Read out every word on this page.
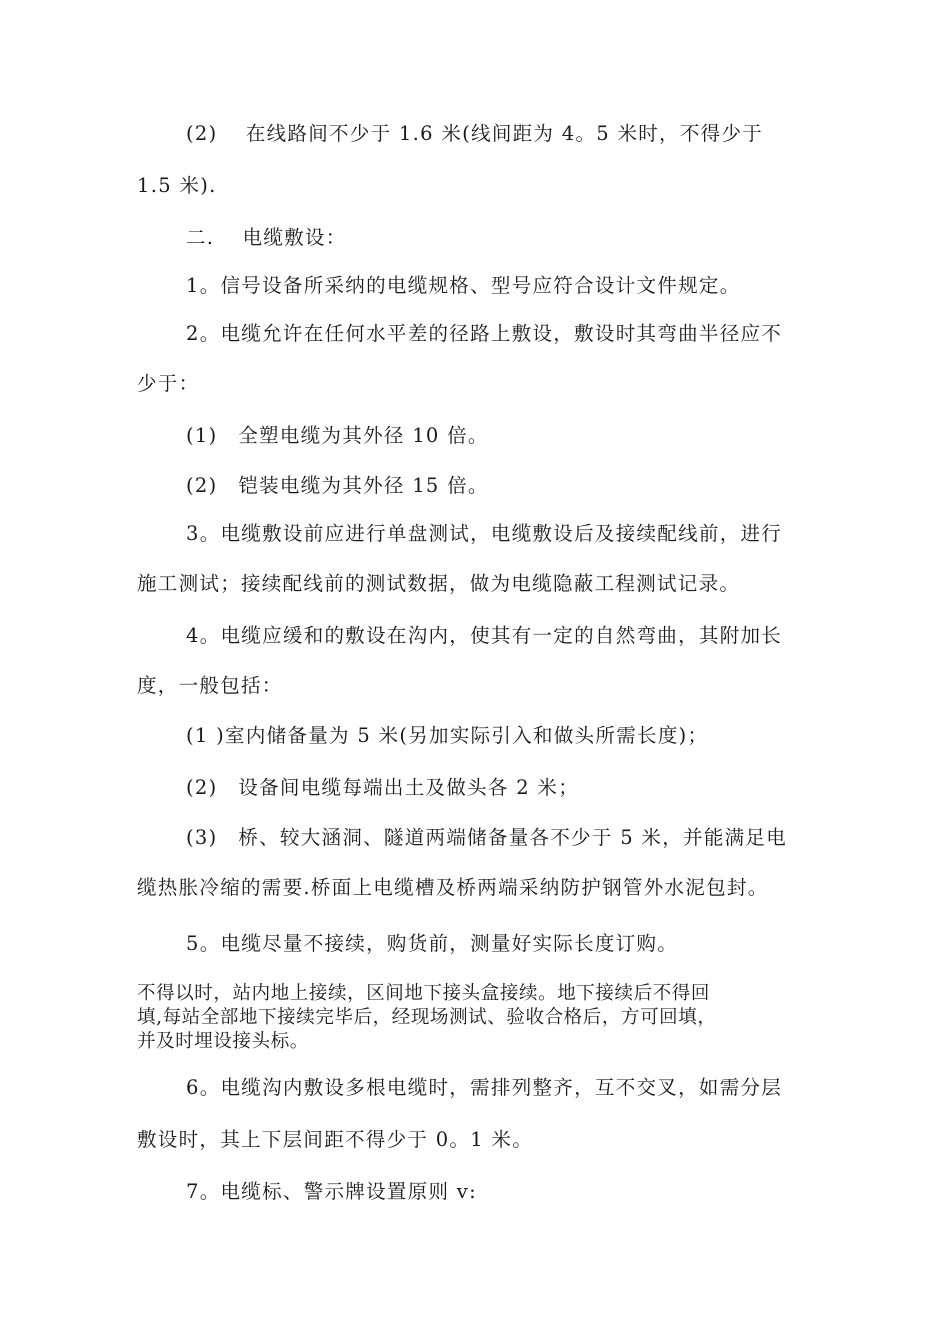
(2)　 在线路间不少于 1.6 米(线间距为 4。5 米时，不得少于
1.5 米).
二.　 电缆敷设：
1。信号设备所采纳的电缆规格、型号应符合设计文件规定。
2。电缆允许在任何水平差的径路上敷设，敷设时其弯曲半径应不
少于：
(1)　全塑电缆为其外径 10 倍。
(2)　铠装电缆为其外径 15 倍。
3。电缆敷设前应进行单盘测试，电缆敷设后及接续配线前，进行
施工测试；接续配线前的测试数据，做为电缆隐蔽工程测试记录。
4。电缆应缓和的敷设在沟内，使其有一定的自然弯曲，其附加长
度，一般包括：
(1 )室内储备量为 5 米(另加实际引入和做头所需长度)；
(2)　设备间电缆每端出土及做头各 2 米；
(3)　桥、较大涵洞、隧道两端储备量各不少于 5 米，并能满足电
缆热胀冷缩的需要.桥面上电缆槽及桥两端采纳防护钢管外水泥包封。
5。电缆尽量不接续，购货前，测量好实际长度订购。
不得以时，站内地上接续，区间地下接头盒接续。地下接续后不得回
填,每站全部地下接续完毕后，经现场测试、验收合格后，方可回填，
并及时埋设接头标。
6。电缆沟内敷设多根电缆时，需排列整齐，互不交叉，如需分层
敷设时，其上下层间距不得少于 0。1 米。
7。电缆标、警示牌设置原则 v:
